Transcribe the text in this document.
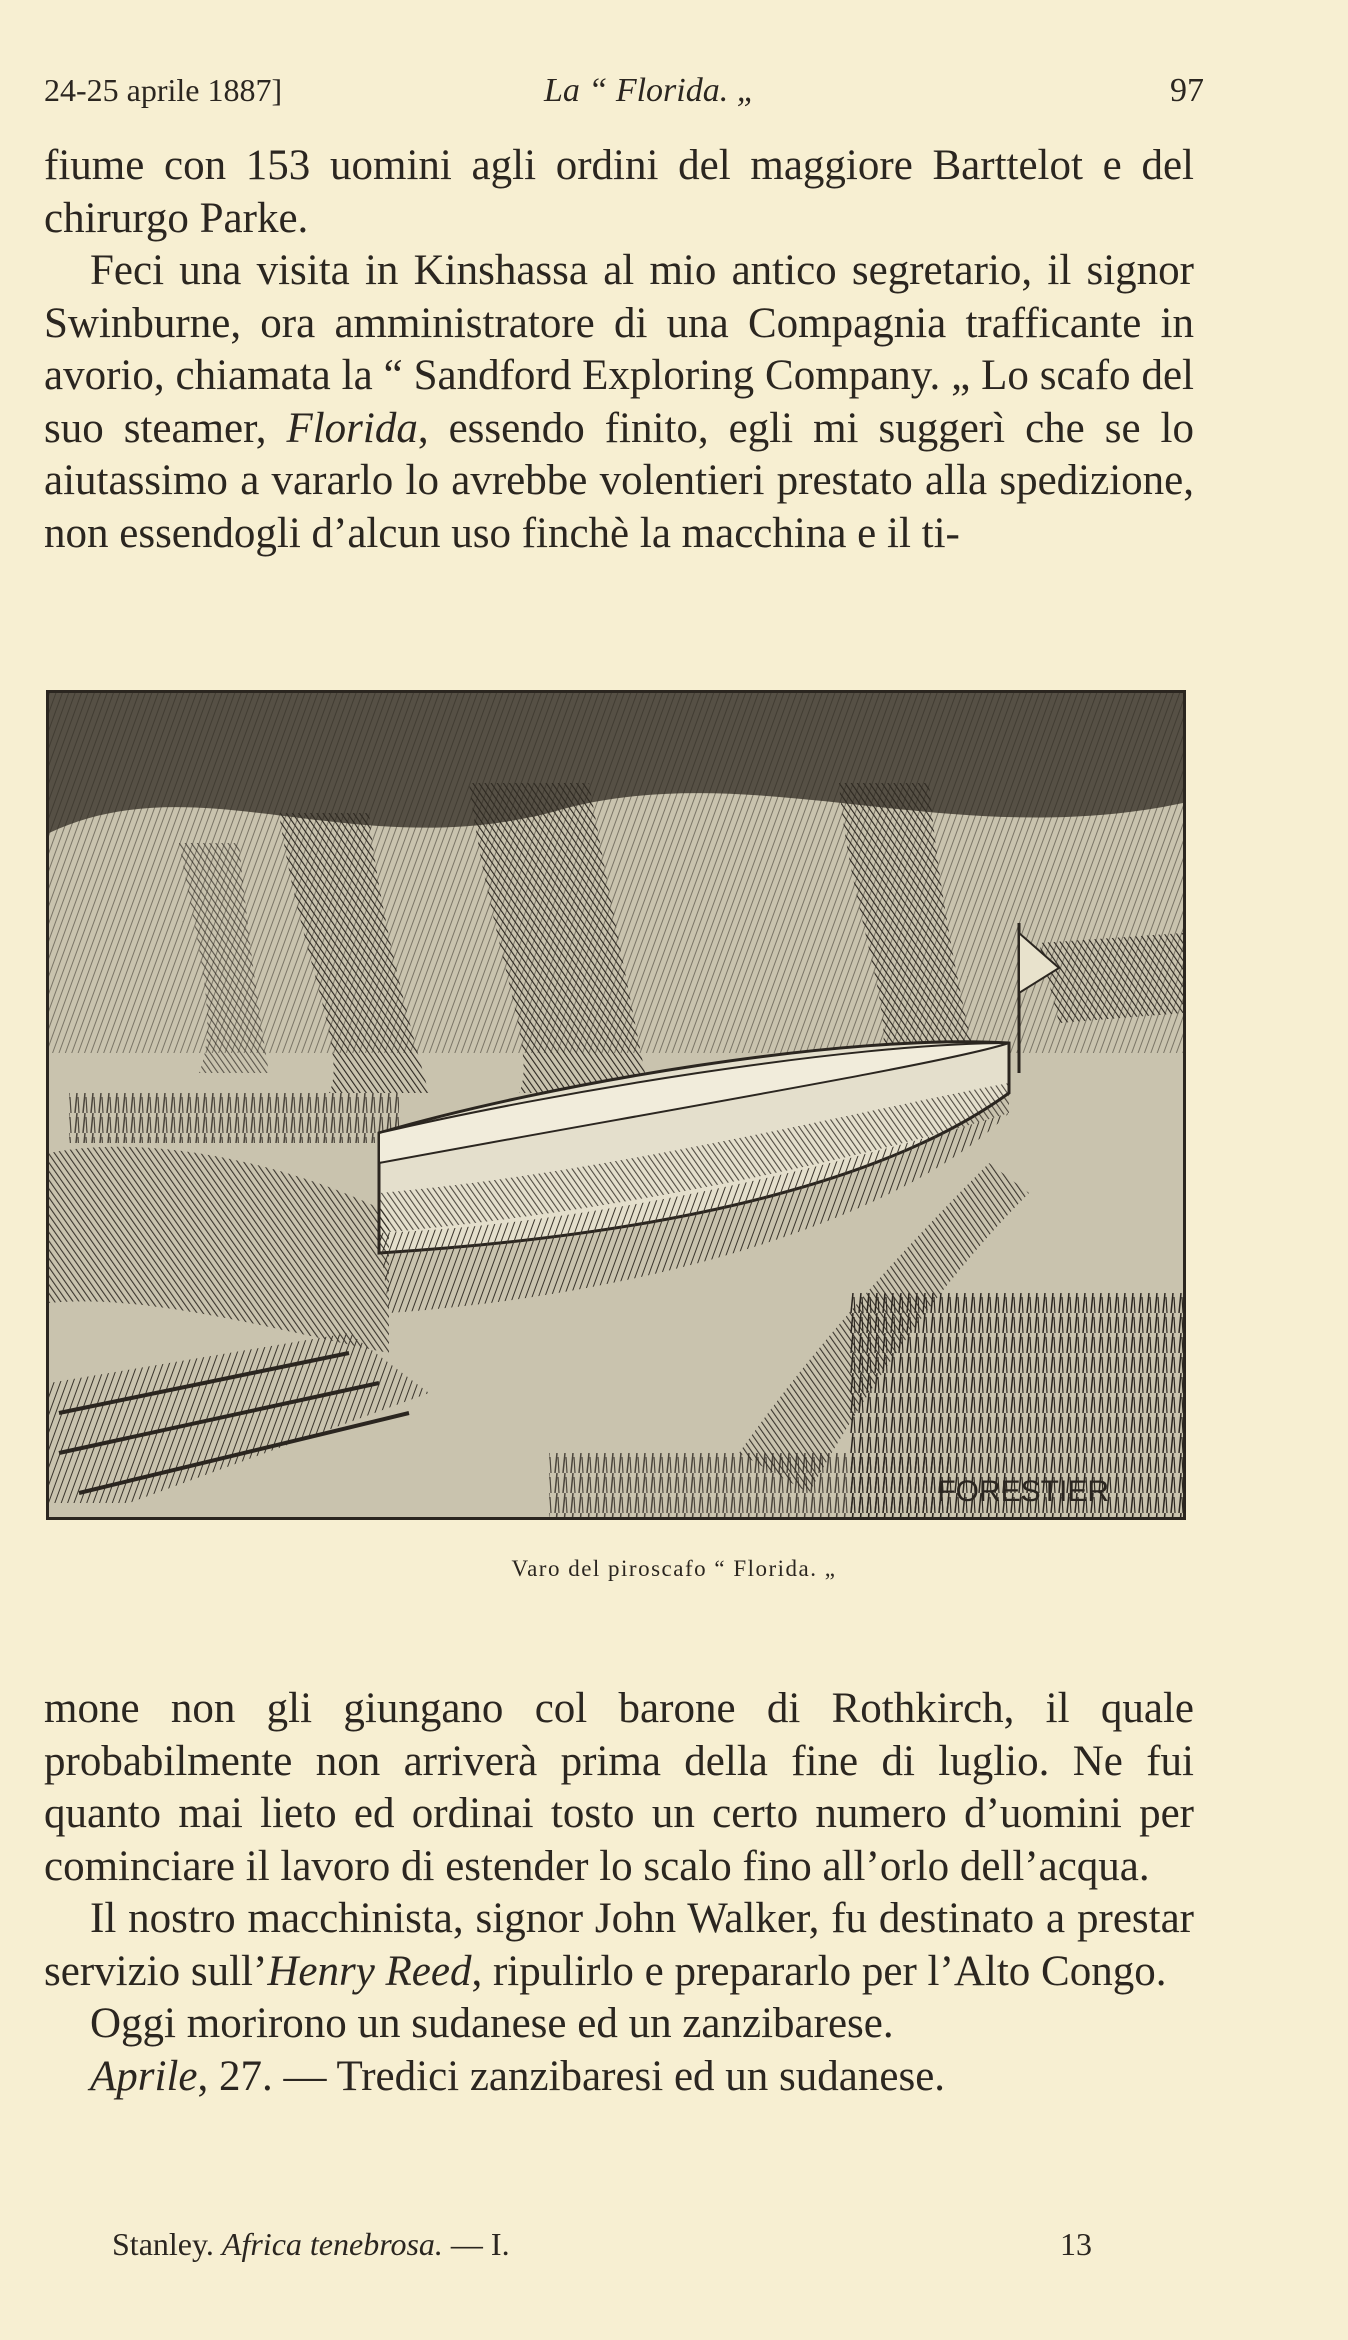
24-25 aprile 1887]	La “ Florida. „	97

fiume con 153 uomini agli ordini del maggiore Barttelot e del chirurgo Parke.

Feci una visita in Kinshassa al mio antico segretario, il signor Swinburne, ora amministratore di una Compagnia trafficante in avorio, chiamata la “ Sandford Exploring Company. „ Lo scafo del suo steamer, Florida, essendo finito, egli mi suggerì che se lo aiutassimo a vararlo lo avrebbe volentieri prestato alla spedizione, non essendogli d’alcun uso finchè la macchina e il ti-

FORESTIER
Varo del piroscafo “ Florida. „

mone non gli giungano col barone di Rothkirch, il quale probabilmente non arriverà prima della fine di luglio. Ne fui quanto mai lieto ed ordinai tosto un certo numero d’uomini per cominciare il lavoro di estender lo scalo fino all’orlo dell’acqua.

Il nostro macchinista, signor John Walker, fu destinato a prestar servizio sull’Henry Reed, ripulirlo e prepararlo per l’Alto Congo.

Oggi morirono un sudanese ed un zanzibarese.

Aprile, 27. — Tredici zanzibaresi ed un sudanese.

Stanley. Africa tenebrosa. — I.	13
